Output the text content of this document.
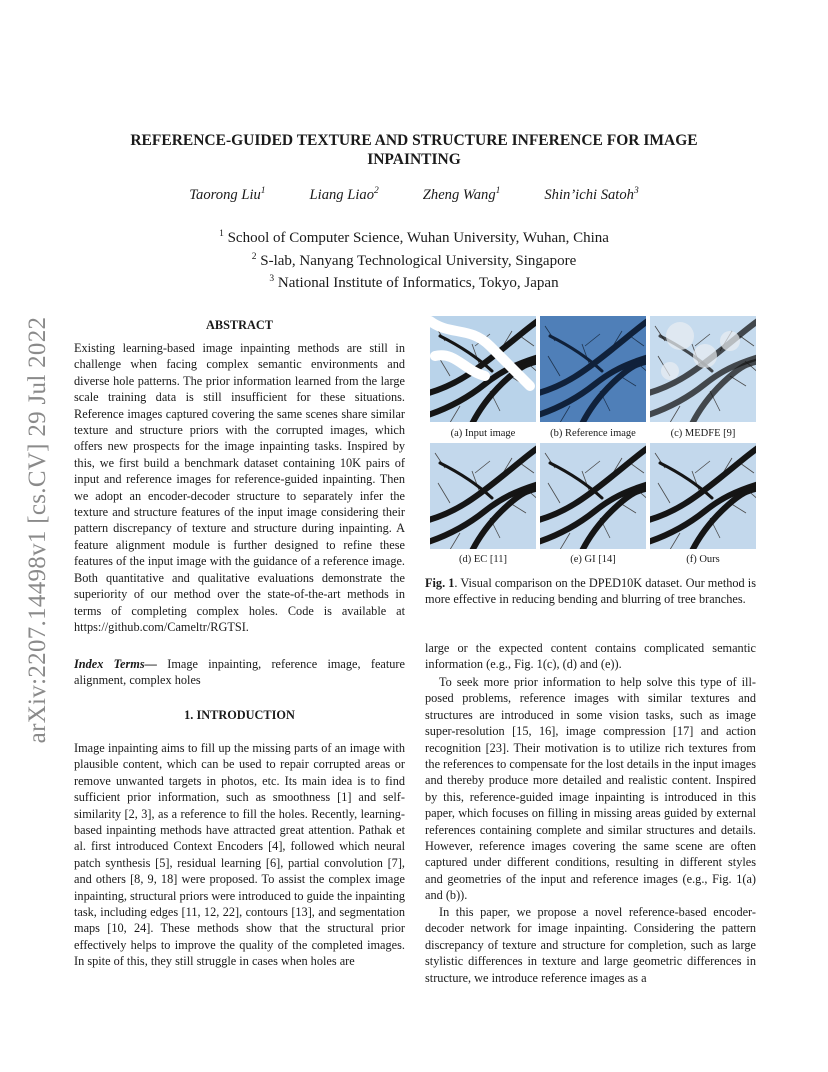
arXiv:2207.14498v1 [cs.CV] 29 Jul 2022
REFERENCE-GUIDED TEXTURE AND STRUCTURE INFERENCE FOR IMAGE
INPAINTING
Taorong Liu$^1$	Liang Liao$^2$	Zheng Wang$^1$	Shin’ichi Satoh$^3$
$^1$ School of Computer Science, Wuhan University, Wuhan, China
$^2$ S-lab, Nanyang Technological University, Singapore
$^3$ National Institute of Informatics, Tokyo, Japan
ABSTRACT

Existing learning-based image inpainting methods are still in challenge when facing complex semantic environments and diverse hole patterns. The prior information learned from the large scale training data is still insufficient for these situations. Reference images captured covering the same scenes share similar texture and structure priors with the corrupted images, which offers new prospects for the image inpainting tasks. Inspired by this, we first build a benchmark dataset containing 10K pairs of input and reference images for reference-guided inpainting. Then we adopt an encoder-decoder structure to separately infer the texture and structure features of the input image considering their pattern discrepancy of texture and structure during inpainting. A feature alignment module is further designed to refine these features of the input image with the guidance of a reference image. Both quantitative and qualitative evaluations demonstrate the superiority of our method over the state-of-the-art methods in terms of completing complex holes. Code is available at https://github.com/Cameltr/RGTSI.

Index Terms— Image inpainting, reference image, feature alignment, complex holes

1. INTRODUCTION

Image inpainting aims to fill up the missing parts of an image with plausible content, which can be used to repair corrupted areas or remove unwanted targets in photos, etc. Its main idea is to find sufficient prior information, such as smoothness [1] and self-similarity [2, 3], as a reference to fill the holes. Recently, learning-based inpainting methods have attracted great attention. Pathak et al. first introduced Context Encoders [4], followed which neural patch synthesis [5], residual learning [6], partial convolution [7], and others [8, 9, 18] were proposed. To assist the complex image inpainting, structural priors were introduced to guide the inpainting task, including edges [11, 12, 22], contours [13], and segmentation maps [10, 24]. These methods show that the structural prior effectively helps to improve the quality of the completed images. In spite of this, they still struggle in cases when holes are

(a) Input image	(b) Reference image	(c) MEDFE [9]
(d) EC [11]	(e) GI [14]	(f) Ours
Fig. 1. Visual comparison on the DPED10K dataset. Our method is more effective in reducing bending and blurring of tree branches.

large or the expected content contains complicated semantic information (e.g., Fig. 1(c), (d) and (e)).

To seek more prior information to help solve this type of ill-posed problems, reference images with similar textures and structures are introduced in some vision tasks, such as image super-resolution [15, 16], image compression [17] and action recognition [23]. Their motivation is to utilize rich textures from the references to compensate for the lost details in the input images and thereby produce more detailed and realistic content. Inspired by this, reference-guided image inpainting is introduced in this paper, which focuses on filling in missing areas guided by external references containing complete and similar structures and details. However, reference images covering the same scene are often captured under different conditions, resulting in different styles and geometries of the input and reference images (e.g., Fig. 1(a) and (b)).

In this paper, we propose a novel reference-based encoder-decoder network for image inpainting. Considering the pattern discrepancy of texture and structure for completion, such as large stylistic differences in texture and large geometric differences in structure, we introduce reference images as a
